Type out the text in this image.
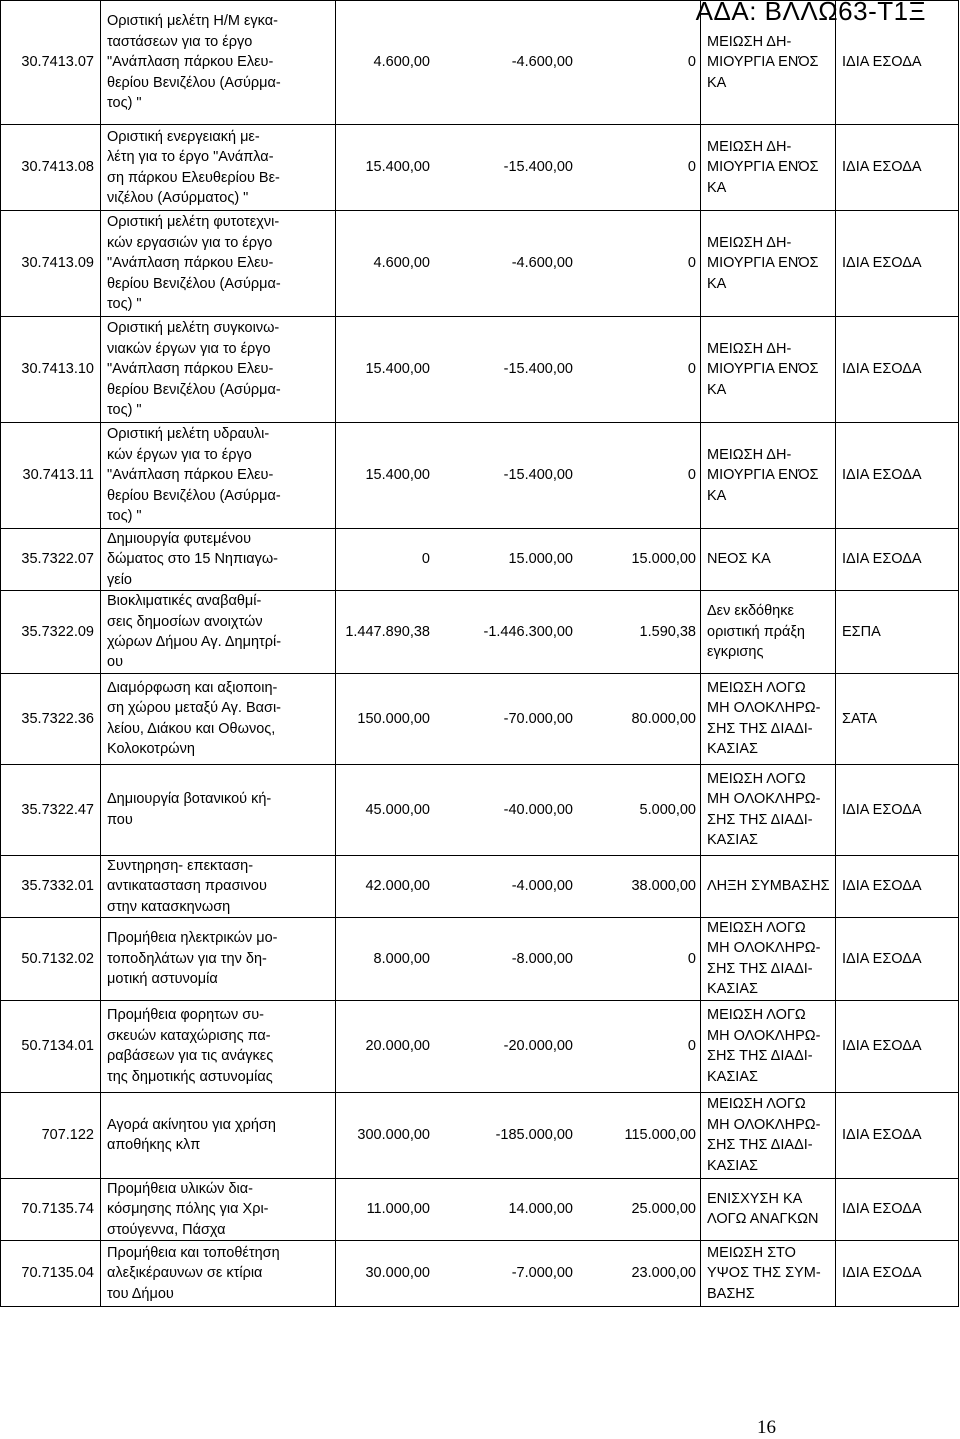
ΑΔΑ: ΒΛΛΩ63-Τ1Ξ
30.7413.07	Οριστική μελέτη Η/Μ εγκα-
ταστάσεων για το έργο
"Ανάπλαση πάρκου Ελευ-
θερίου Βενιζέλου (Ασύρμα-
τος) "	4.600,00 -4.600,00 0	ΜΕΙΩΣΗ ΔΗ-
ΜΙΟΥΡΓΙΑ ΕΝΌΣ
ΚΑ	ΙΔΙΑ ΕΣΟΔΑ
30.7413.08	Οριστική ενεργειακή με-
λέτη για το έργο "Ανάπλα-
ση πάρκου Ελευθερίου Βε-
νιζέλου (Ασύρματος) "	15.400,00 -15.400,00 0	ΜΕΙΩΣΗ ΔΗ-
ΜΙΟΥΡΓΙΑ ΕΝΌΣ
ΚΑ	ΙΔΙΑ ΕΣΟΔΑ
30.7413.09	Οριστική μελέτη φυτοτεχνι-
κών εργασιών για το έργο
"Ανάπλαση πάρκου Ελευ-
θερίου Βενιζέλου (Ασύρμα-
τος) "	4.600,00 -4.600,00 0	ΜΕΙΩΣΗ ΔΗ-
ΜΙΟΥΡΓΙΑ ΕΝΌΣ
ΚΑ	ΙΔΙΑ ΕΣΟΔΑ
30.7413.10	Οριστική μελέτη συγκοινω-
νιακών έργων για το έργο
"Ανάπλαση πάρκου Ελευ-
θερίου Βενιζέλου (Ασύρμα-
τος) "	15.400,00 -15.400,00 0	ΜΕΙΩΣΗ ΔΗ-
ΜΙΟΥΡΓΙΑ ΕΝΌΣ
ΚΑ	ΙΔΙΑ ΕΣΟΔΑ
30.7413.11	Οριστική μελέτη υδραυλι-
κών έργων για το έργο
"Ανάπλαση πάρκου Ελευ-
θερίου Βενιζέλου (Ασύρμα-
τος) "	15.400,00 -15.400,00 0	ΜΕΙΩΣΗ ΔΗ-
ΜΙΟΥΡΓΙΑ ΕΝΌΣ
ΚΑ	ΙΔΙΑ ΕΣΟΔΑ
35.7322.07	Δημιουργία φυτεμένου
δώματος στο 15 Νηπιαγω-
γείο	0 15.000,00 15.000,00	ΝΕΟΣ ΚΑ	ΙΔΙΑ ΕΣΟΔΑ
35.7322.09	Βιοκλιματικές αναβαθμί-
σεις δημοσίων ανοιχτών
χώρων Δήμου Αγ. Δημητρί-
ου	1.447.890,38 -1.446.300,00 1.590,38	Δεν εκδόθηκε
οριστική πράξη
εγκρισης	ΕΣΠΑ
35.7322.36	Διαμόρφωση και αξιοποιη-
ση χώρου μεταξύ Αγ. Βασι-
λείου, Διάκου και Οθωνος,
Κολοκοτρώνη	150.000,00 -70.000,00 80.000,00	ΜΕΙΩΣΗ ΛΟΓΩ
ΜΗ ΟΛΟΚΛΗΡΩ-
ΣΗΣ ΤΗΣ ΔΙΑΔΙ-
ΚΑΣΙΑΣ	ΣΑΤΑ
35.7322.47	Δημιουργία βοτανικού κή-
που	45.000,00 -40.000,00 5.000,00	ΜΕΙΩΣΗ ΛΟΓΩ
ΜΗ ΟΛΟΚΛΗΡΩ-
ΣΗΣ ΤΗΣ ΔΙΑΔΙ-
ΚΑΣΙΑΣ	ΙΔΙΑ ΕΣΟΔΑ
35.7332.01	Συντηρηση- επεκταση-
αντικατασταση πρασινου
στην κατασκηνωση	42.000,00 -4.000,00 38.000,00	ΛΗΞΗ ΣΥΜΒΑΣΗΣ	ΙΔΙΑ ΕΣΟΔΑ
50.7132.02	Προμήθεια ηλεκτρικών μο-
τοποδηλάτων για την δη-
μοτική αστυνομία	8.000,00 -8.000,00 0	ΜΕΙΩΣΗ ΛΟΓΩ
ΜΗ ΟΛΟΚΛΗΡΩ-
ΣΗΣ ΤΗΣ ΔΙΑΔΙ-
ΚΑΣΙΑΣ	ΙΔΙΑ ΕΣΟΔΑ
50.7134.01	Προμήθεια φορητων συ-
σκευών καταχώρισης πα-
ραβάσεων για τις ανάγκες
της δημοτικής αστυνομίας	20.000,00 -20.000,00 0	ΜΕΙΩΣΗ ΛΟΓΩ
ΜΗ ΟΛΟΚΛΗΡΩ-
ΣΗΣ ΤΗΣ ΔΙΑΔΙ-
ΚΑΣΙΑΣ	ΙΔΙΑ ΕΣΟΔΑ
707.122	Αγορά ακίνητου για χρήση
αποθήκης κλπ	300.000,00 -185.000,00 115.000,00	ΜΕΙΩΣΗ ΛΟΓΩ
ΜΗ ΟΛΟΚΛΗΡΩ-
ΣΗΣ ΤΗΣ ΔΙΑΔΙ-
ΚΑΣΙΑΣ	ΙΔΙΑ ΕΣΟΔΑ
70.7135.74	Προμήθεια υλικών δια-
κόσμησης πόλης για Χρι-
στούγεννα, Πάσχα	11.000,00 14.000,00 25.000,00	ΕΝΙΣΧΥΣΗ ΚΑ
ΛΟΓΩ ΑΝΑΓΚΩΝ	ΙΔΙΑ ΕΣΟΔΑ
70.7135.04	Προμήθεια και τοποθέτηση
αλεξικέραυνων σε κτίρια
του Δήμου	30.000,00 -7.000,00 23.000,00	ΜΕΙΩΣΗ ΣΤΟ
ΥΨΟΣ ΤΗΣ ΣΥΜ-
ΒΑΣΗΣ	ΙΔΙΑ ΕΣΟΔΑ
16
